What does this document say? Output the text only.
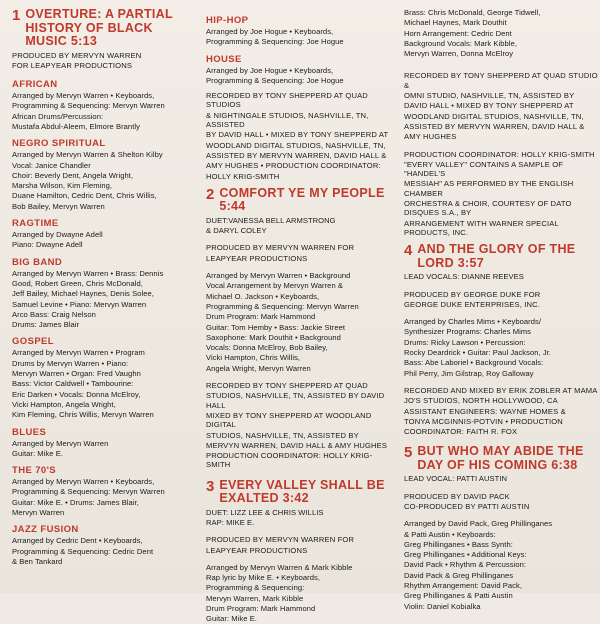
1 OVERTURE: A PARTIAL HISTORY OF BLACK MUSIC 5:13
PRODUCED BY MERVYN WARREN
FOR LEAPYEAR PRODUCTIONS
AFRICAN
Arranged by Mervyn Warren • Keyboards,
Programming & Sequencing: Mervyn Warren
African Drums/Percussion:
Mustafa Abdul-Aleem, Elmore Brantly
NEGRO SPIRITUAL
Arranged by Mervyn Warren & Shelton Kilby
Vocal: Janice Chandler
Choir: Beverly Dent, Angela Wright,
Marsha Wilson, Kim Fleming,
Duane Hamilton, Cedric Dent, Chris Willis,
Bob Bailey, Mervyn Warren
RAGTIME
Arranged by Dwayne Adell
Piano: Dwayne Adell
BIG BAND
Arranged by Mervyn Warren • Brass: Dennis
Good, Robert Green, Chris McDonald,
Jeff Bailey, Michael Haynes, Denis Solee,
Samuel Levine • Piano: Mervyn Warren
Arco Bass: Craig Nelson
Drums: James Blair
GOSPEL
Arranged by Mervyn Warren • Program
Drums by Mervyn Warren • Piano:
Mervyn Warren • Organ: Fred Vaughn
Bass: Victor Caldwell • Tambourine:
Eric Darken • Vocals: Donna McElroy,
Vicki Hampton, Angela Wright,
Kim Fleming, Chris Willis, Mervyn Warren
BLUES
Arranged by Mervyn Warren
Guitar: Mike E.
THE 70'S
Arranged by Mervyn Warren • Keyboards,
Programming & Sequencing: Mervyn Warren
Guitar: Mike E. • Drums: James Blair,
Mervyn Warren
JAZZ FUSION
Arranged by Cedric Dent • Keyboards,
Programming & Sequencing: Cedric Dent
& Ben Tankard
HIP-HOP
Arranged by Joe Hogue • Keyboards,
Programming & Sequencing: Joe Hogue
HOUSE
Arranged by Joe Hogue • Keyboards,
Programming & Sequencing: Joe Hogue
RECORDED BY TONY SHEPPERD AT QUAD STUDIOS
& NIGHTINGALE STUDIOS, NASHVILLE, TN, ASSISTED
BY DAVID HALL • MIXED BY TONY SHEPPERD AT
WOODLAND DIGITAL STUDIOS, NASHVILLE, TN,
ASSISTED BY MERVYN WARREN, DAVID HALL &
AMY HUGHES • PRODUCTION COORDINATOR:
HOLLY KRIG-SMITH
2 COMFORT YE MY PEOPLE 5:44
DUET:VANESSA BELL ARMSTRONG
& DARYL COLEY
PRODUCED BY MERVYN WARREN FOR
LEAPYEAR PRODUCTIONS
Arranged by Mervyn Warren • Background
Vocal Arrangement by Mervyn Warren &
Michael O. Jackson • Keyboards,
Programming & Sequencing: Mervyn Warren
Drum Program: Mark Hammond
Guitar: Tom Hemby • Bass: Jackie Street
Saxophone: Mark Douthit • Background
Vocals: Donna McElroy, Bob Bailey,
Vicki Hampton, Chris Willis,
Angela Wright, Mervyn Warren
RECORDED BY TONY SHEPPERD AT QUAD
STUDIOS, NASHVILLE, TN, ASSISTED BY DAVID HALL
MIXED BY TONY SHEPPERD AT WOODLAND DIGITAL
STUDIOS, NASHVILLE, TN, ASSISTED BY
MERVYN WARREN, DAVID HALL & AMY HUGHES
PRODUCTION COORDINATOR: HOLLY KRIG-SMITH
3 EVERY VALLEY SHALL BE EXALTED 3:42
DUET: LIZZ LEE & CHRIS WILLIS
RAP: MIKE E.
PRODUCED BY MERVYN WARREN FOR
LEAPYEAR PRODUCTIONS
Arranged by Mervyn Warren & Mark Kibble
Rap lyric by Mike E. • Keyboards,
Programming & Sequencing:
Mervyn Warren, Mark Kibble
Drum Program: Mark Hammond
Guitar: Mike E.
Brass: Chris McDonald, George Tidwell,
Michael Haynes, Mark Douthit
Horn Arrangement: Cedric Dent
Background Vocals: Mark Kibble,
Mervyn Warren, Donna McElroy
RECORDED BY TONY SHEPPERD AT QUAD STUDIO &
OMNI STUDIO, NASHVILLE, TN, ASSISTED BY
DAVID HALL • MIXED BY TONY SHEPPERD AT
WOODLAND DIGITAL STUDIOS, NASHVILLE, TN,
ASSISTED BY MERVYN WARREN, DAVID HALL &
AMY HUGHES
PRODUCTION COORDINATOR: HOLLY KRIG-SMITH
"EVERY VALLEY" CONTAINS A SAMPLE OF "HANDEL'S
MESSIAH" AS PERFORMED BY THE ENGLISH CHAMBER
ORCHESTRA & CHOIR, COURTESY OF DATO DISQUES S.A., BY
ARRANGEMENT WITH WARNER SPECIAL PRODUCTS, INC.
4 AND THE GLORY OF THE LORD 3:57
LEAD VOCALS: DIANNE REEVES
PRODUCED BY GEORGE DUKE FOR
GEORGE DUKE ENTERPRISES, INC.
Arranged by Charles Mims • Keyboards/
Synthesizer Programs: Charles Mims
Drums: Ricky Lawson • Percussion:
Rocky Deardrick • Guitar: Paul Jackson, Jr.
Bass: Abe Laboriel • Background Vocals:
Phil Perry, Jim Gilstrap, Roy Galloway
RECORDED AND MIXED BY ERIK ZOBLER AT MAMA
JO'S STUDIOS, NORTH HOLLYWOOD, CA
ASSISTANT ENGINEERS: WAYNE HOMES &
TONYA MCGINNIS-POTVIN • PRODUCTION
COORDINATOR: FAITH R. FOX
5 BUT WHO MAY ABIDE THE DAY OF HIS COMING 6:38
LEAD VOCAL: PATTI AUSTIN
PRODUCED BY DAVID PACK
CO-PRODUCED BY PATTI AUSTIN
Arranged by David Pack, Greg Phillinganes
& Patti Austin • Keyboards:
Greg Phillinganes • Bass Synth:
Greg Phillinganes • Additional Keys:
David Pack • Rhythm & Percussion:
David Pack & Greg Phillinganes
Rhythm Arrangement: David Pack,
Greg Phillinganes & Patti Austin
Violin: Daniel Kobialka
